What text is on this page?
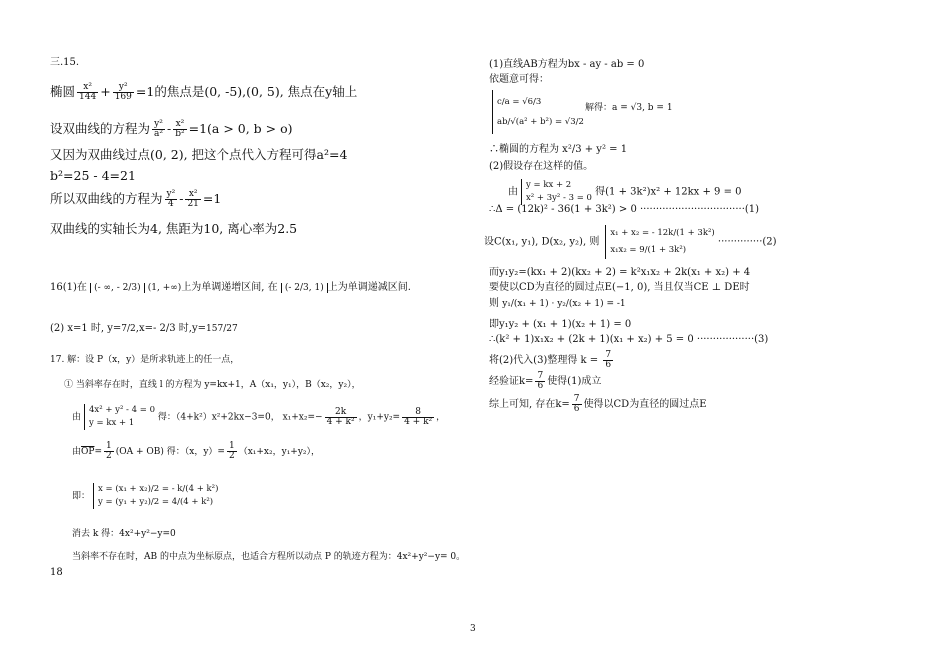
三.15.
椭圆 $\frac{\text{x²}}{144} + \frac{\text{y²}}{169} =1$的焦点是(0, -5),(0, 5), 焦点在y轴上
设双曲线的方程为 $\frac{\text{y²}}{\text{a²}} - \frac{\text{x²}}{\text{b²}} =1(a > 0$, b > o)
又因为双曲线过点(0, 2), 把这个点代入方程可得a²=4
b²=25 - 4=21
所以双曲线的方程为 $\frac{\text{y²}}{4} - \frac{\text{x²}}{21} =1$
双曲线的实轴长为4, 焦距为10, 离心率为2.5
16(1)在 (- ∞, - 2/3) (1, +∞)上为单调递增区间, 在 (- 2/3, 1) 上为单调递减区间.
(2) x=1 时, y=7/2,x=- 2/3 时,y=157/27
17. 解：设 P（x，y）是所求轨迹上的任一点，
① 当斜率存在时，直线 l 的方程为 y=kx+1，A（x₁，y₁），B（x₂，y₂），
由
4x² + y² - 4 = 0
y = kx + 1
得：（4+k²）x²+2kx−3=0， $x_1+x_2=- \frac{2k}{\text{4 + k²}}$ ，$y_1+y_2= \frac{8}{\text{4 + k²}}$ ，
由$\overline{OP}= \frac{1}{2} (OA + OB)$ 得：（x，$y)= \frac{1}{2} (x_1+x_2$，y₁+y₂），
即：
x = (x₁ + x₂)/2 = - k/(4 + k²)
y = (y₁ + y₂)/2 = 4/(4 + k²)
消去 k 得：4x²+y²−y=0
当斜率不存在时，AB 的中点为坐标原点，也适合方程所以动点 P 的轨迹方程为：4x²+y²−y= 0。
18
(1)直线AB方程为bx - ay - ab = 0
依题意可得：
c/a = √6/3
ab/√(a² + b²) = √3/2
解得：a = √3, b = 1
∴椭圆的方程为 x²/3 + y² = 1
(2)假设存在这样的值。
由
y = kx + 2
x² + 3y² - 3 = 0
得(1 + 3k²)x² + 12kx + 9 = 0
∴Δ = (12k)² - 36(1 + 3k²) > 0 ·································(1)
设C(x₁, y₁), D(x₂, y₂), 则
x₁ + x₂ = - 12k/(1 + 3k²)
x₁x₂ = 9/(1 + 3k²)
··············(2)
而y₁y₂=(kx₁ + 2)(kx₂ + 2) = k²x₁x₂ + 2k(x₁ + x₂) + 4
要使以CD为直径的圆过点E(−1, 0), 当且仅当CE ⊥ DE时
则 y₁/(x₁ + 1) · y₂/(x₂ + 1) = -1
即y₁y₂ + (x₁ + 1)(x₂ + 1) = 0
∴(k² + 1)x₁x₂ + (2k + 1)(x₁ + x₂) + 5 = 0 ··················(3)
将(2)代入(3)整理得 $k = \frac{7}{6}$
经验证$k= \frac{7}{6}$ 使得(1)成立
综上可知, 存在$k= \frac{7}{6}$ 使得以CD为直径的圆过点E
3
